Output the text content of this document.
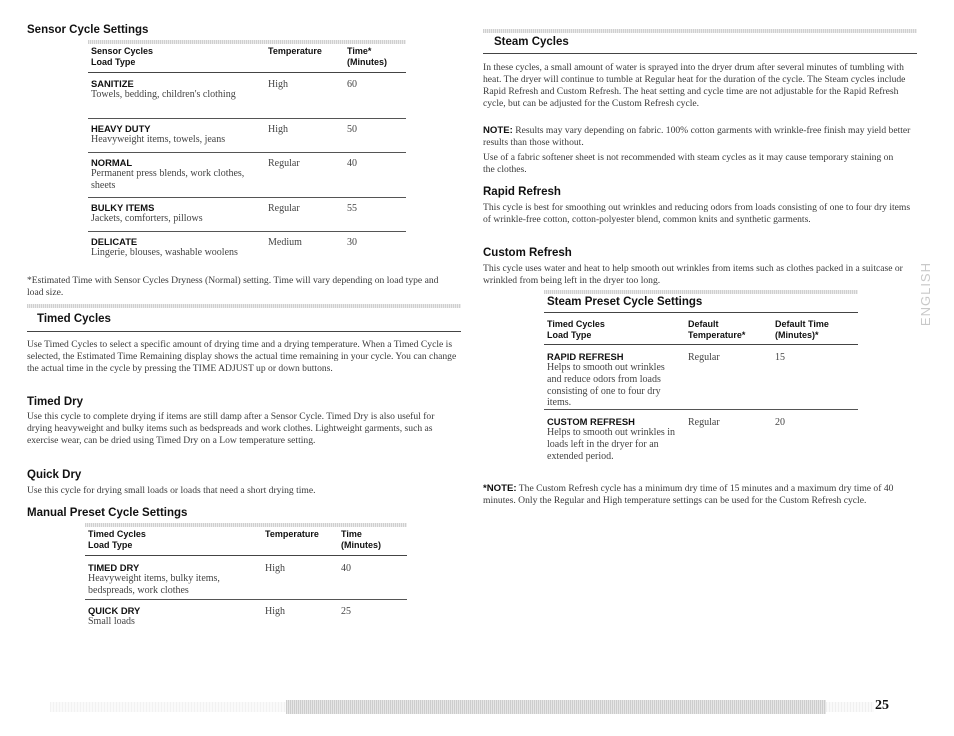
Sensor Cycle Settings
Sensor Cycles
Load Type
Temperature	Time*
(Minutes)
SANITIZE
Towels, bedding, children's clothing
High	60
HEAVY DUTY
Heavyweight items, towels, jeans
High	50
NORMAL
Permanent press blends, work clothes, sheets
Regular	40
BULKY ITEMS
Jackets, comforters, pillows
Regular	55
DELICATE
Lingerie, blouses, washable woolens
Medium	30
*Estimated Time with Sensor Cycles Dryness (Normal) setting. Time will vary depending on load type and load size.
Timed Cycles
Use Timed Cycles to select a specific amount of drying time and a drying temperature. When a Timed Cycle is selected, the Estimated Time Remaining display shows the actual time remaining in your cycle. You can change the actual time in the cycle by pressing the TIME ADJUST up or down buttons.
Timed Dry
Use this cycle to complete drying if items are still damp after a Sensor Cycle. Timed Dry is also useful for drying heavyweight and bulky items such as bedspreads and work clothes. Lightweight garments, such as exercise wear, can be dried using Timed Dry on a Low temperature setting.
Quick Dry
Use this cycle for drying small loads or loads that need a short drying time.
Manual Preset Cycle Settings
Timed Cycles
Load Type
Temperature Time
(Minutes)
TIMED DRY
Heavyweight items, bulky items, bedspreads, work clothes
High	40
QUICK DRY
Small loads
High	25
Steam Cycles
In these cycles, a small amount of water is sprayed into the dryer drum after several minutes of tumbling with heat. The dryer will continue to tumble at Regular heat for the duration of the cycle. The Steam cycles include Rapid Refresh and Custom Refresh. The heat setting and cycle time are not adjustable for the Rapid Refresh cycle, but can be adjusted for the Custom Refresh cycle.
NOTE: Results may vary depending on fabric. 100% cotton garments with wrinkle-free finish may yield better results than those without.
Use of a fabric softener sheet is not recommended with steam cycles as it may cause temporary staining on the clothes.
Rapid Refresh
This cycle is best for smoothing out wrinkles and reducing odors from loads consisting of one to four dry items of wrinkle-free cotton, cotton-polyester blend, common knits and synthetic garments.
Custom Refresh
This cycle uses water and heat to help smooth out wrinkles from items such as clothes packed in a suitcase or wrinkled from being left in the dryer too long.
Steam Preset Cycle Settings
Timed Cycles
Load Type
Default
Temperature*
Default Time
(Minutes)*
RAPID REFRESH
Helps to smooth out wrinkles and reduce odors from loads consisting of one to four dry items.
Regular	15
CUSTOM REFRESH
Helps to smooth out wrinkles in loads left in the dryer for an extended period.
Regular	20
*NOTE: The Custom Refresh cycle has a minimum dry time of 15 minutes and a maximum dry time of 40 minutes. Only the Regular and High temperature settings can be used for the Custom Refresh cycle.
ENGLISH
25
